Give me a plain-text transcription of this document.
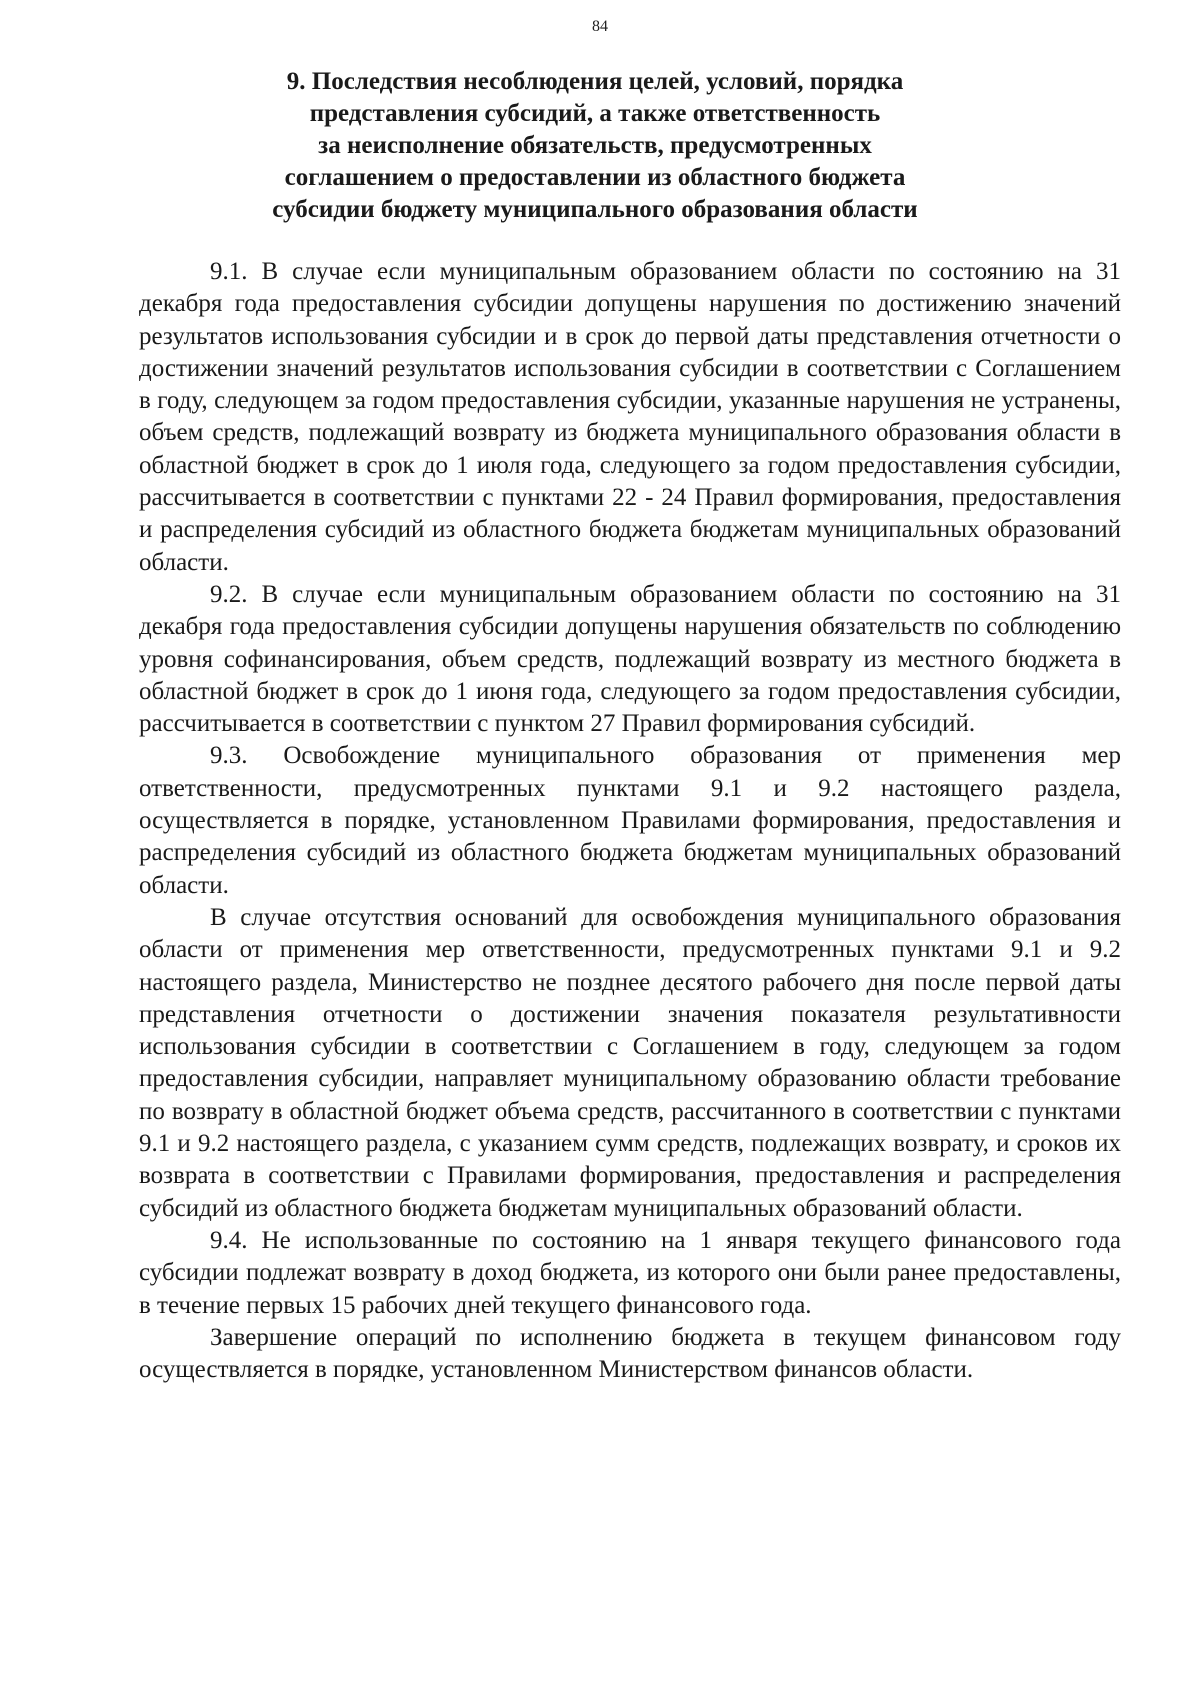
84
9. Последствия несоблюдения целей, условий, порядка
представления субсидий, а также ответственность
за неисполнение обязательств, предусмотренных
соглашением о предоставлении из областного бюджета
субсидии бюджету муниципального образования области

9.1. В случае если муниципальным образованием области по состоянию на 31 декабря года предоставления субсидии допущены нарушения по достижению значений результатов использования субсидии и в срок до первой даты представления отчетности о достижении значений результатов использования субсидии в соответствии с Соглашением в году, следующем за годом предоставления субсидии, указанные нарушения не устранены, объем средств, подлежащий возврату из бюджета муниципального образования области в областной бюджет в срок до 1 июля года, следующего за годом предоставления субсидии, рассчитывается в соответствии с пунктами 22 - 24 Правил формирования, предоставления и распределения субсидий из областного бюджета бюджетам муниципальных образований области.

9.2. В случае если муниципальным образованием области по состоянию на 31 декабря года предоставления субсидии допущены нарушения обязательств по соблюдению уровня софинансирования, объем средств, подлежащий возврату из местного бюджета в областной бюджет в срок до 1 июня года, следующего за годом предоставления субсидии, рассчитывается в соответствии с пунктом 27 Правил формирования субсидий.

9.3. Освобождение муниципального образования от применения мер ответственности, предусмотренных пунктами 9.1 и 9.2 настоящего раздела, осуществляется в порядке, установленном Правилами формирования, предоставления и распределения субсидий из областного бюджета бюджетам муниципальных образований области.

В случае отсутствия оснований для освобождения муниципального образования области от применения мер ответственности, предусмотренных пунктами 9.1 и 9.2 настоящего раздела, Министерство не позднее десятого рабочего дня после первой даты представления отчетности о достижении значения показателя результативности использования субсидии в соответствии с Соглашением в году, следующем за годом предоставления субсидии, направляет муниципальному образованию области требование по возврату в областной бюджет объема средств, рассчитанного в соответствии с пунктами 9.1 и 9.2 настоящего раздела, с указанием сумм средств, подлежащих возврату, и сроков их возврата в соответствии с Правилами формирования, предоставления и распределения субсидий из областного бюджета бюджетам муниципальных образований области.

9.4. Не использованные по состоянию на 1 января текущего финансового года субсидии подлежат возврату в доход бюджета, из которого они были ранее предоставлены, в течение первых 15 рабочих дней текущего финансового года.

Завершение операций по исполнению бюджета в текущем финансовом году осуществляется в порядке, установленном Министерством финансов области.
